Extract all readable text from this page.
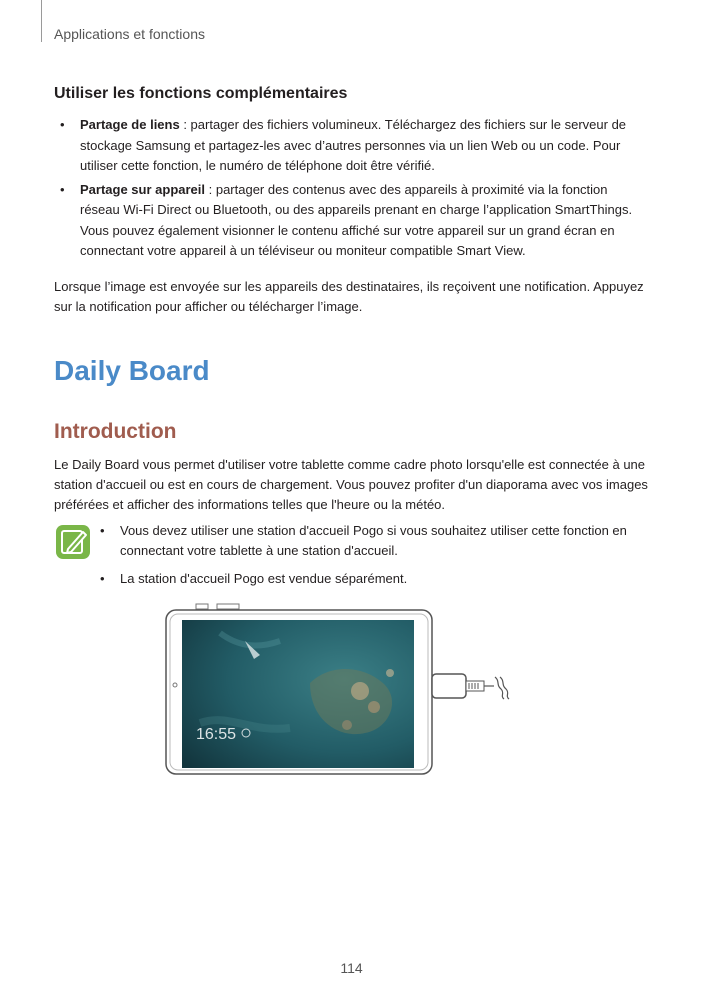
Applications et fonctions
Utiliser les fonctions complémentaires
• Partage de liens : partager des fichiers volumineux. Téléchargez des fichiers sur le serveur de stockage Samsung et partagez-les avec d’autres personnes via un lien Web ou un code. Pour utiliser cette fonction, le numéro de téléphone doit être vérifié.
• Partage sur appareil : partager des contenus avec des appareils à proximité via la fonction réseau Wi-Fi Direct ou Bluetooth, ou des appareils prenant en charge l’application SmartThings. Vous pouvez également visionner le contenu affiché sur votre appareil sur un grand écran en connectant votre appareil à un téléviseur ou moniteur compatible Smart View.
Lorsque l’image est envoyée sur les appareils des destinataires, ils reçoivent une notification. Appuyez sur la notification pour afficher ou télécharger l’image.
Daily Board
Introduction
Le Daily Board vous permet d'utiliser votre tablette comme cadre photo lorsqu'elle est connectée à une station d'accueil ou est en cours de chargement. Vous pouvez profiter d'un diaporama avec vos images préférées et afficher des informations telles que l'heure ou la météo.
• Vous devez utiliser une station d'accueil Pogo si vous souhaitez utiliser cette fonction en connectant votre tablette à une station d'accueil.
• La station d'accueil Pogo est vendue séparément.
16:55
114
